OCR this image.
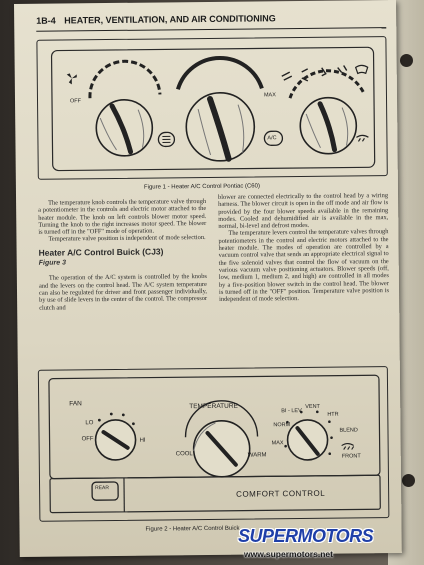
1B-4 HEATER, VENTILATION, AND AIR CONDITIONING
OFF
MAX
A/C
Figure 1 - Heater A/C Control Pontiac (C60)

The temperature knob controls the temperature valve through a potentiometer in the controls and electric motor attached to the heater module. The knob on left controls blower motor speed. Turning the knob to the right increases motor speed. The blower is turned off in the "OFF" mode of operation.

Temperature valve position is independent of mode selection.

Heater A/C Control Buick (CJ3)
Figure 3

The operation of the A/C system is controlled by the knobs and the levers on the control head. The A/C system temperature can also be regulated for driver and front passenger individually, by use of slide levers in the center of the control. The compressor clutch and

blower are connected electrically to the control head by a wiring harness. The blower circuit is open in the off mode and air flow is provided by the four blower speeds available in the remaining modes. Cooled and dehumidified air is available in the max, normal, bi-level and defrost modes.

The temperature levers control the temperature valves through potentiometers in the control and electric motors attached to the heater module. The modes of operation are controlled by a vacuum control valve that sends an appropriate electrical signal to the five solenoid valves that control the flow of vacuum on the various vacuum valve positioning actuators. Blower speeds (off, low, medium 1, medium 2, and high) are controlled in all modes by a five-position blower switch in the control head. The blower is turned off in the "OFF" position. Temperature valve position is independent of mode selection.

FAN
LO
OFF	HI
TEMPERATURE
COOL	WARM
BI - LEV
VENT
HTR
NORM
BLEND
MAX
FRONT
REAR
COMFORT CONTROL
Figure 2 - Heater A/C Control Buick
SUPERMOTORS
www.supermotors.net
